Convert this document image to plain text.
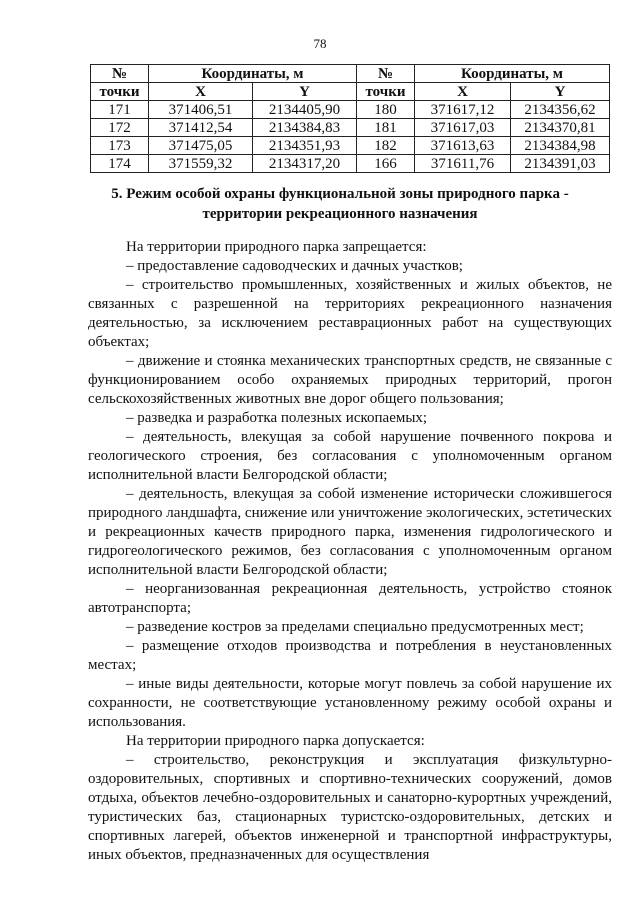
78
№	Координаты, м		№	Координаты, м	
точки	X	Y	точки	X	Y
171	371406,51	2134405,90	180	371617,12	2134356,62
172	371412,54	2134384,83	181	371617,03	2134370,81
173	371475,05	2134351,93	182	371613,63	2134384,98
174	371559,32	2134317,20	166	371611,76	2134391,03
5. Режим особой охраны функциональной зоны природного парка -
территории рекреационного назначения

На территории природного парка запрещается:

– предоставление садоводческих и дачных участков;

– строительство промышленных, хозяйственных и жилых объектов, не связанных с разрешенной на территориях рекреационного назначения деятельностью, за исключением реставрационных работ на существующих объектах;

– движение и стоянка механических транспортных средств, не связанные с функционированием особо охраняемых природных территорий, прогон сельскохозяйственных животных вне дорог общего пользования;

– разведка и разработка полезных ископаемых;

– деятельность, влекущая за собой нарушение почвенного покрова и геологического строения, без согласования с уполномоченным органом исполнительной власти Белгородской области;

– деятельность, влекущая за собой изменение исторически сложившегося природного ландшафта, снижение или уничтожение экологических, эстетических и рекреационных качеств природного парка, изменения гидрологического и гидрогеологического режимов, без согласования с уполномоченным органом исполнительной власти Белгородской области;

– неорганизованная рекреационная деятельность, устройство стоянок автотранспорта;

– разведение костров за пределами специально предусмотренных мест;

– размещение отходов производства и потребления в неустановленных местах;

– иные виды деятельности, которые могут повлечь за собой нарушение их сохранности, не соответствующие установленному режиму особой охраны и использования.

На территории природного парка допускается:

– строительство, реконструкция и эксплуатация физкультурно-оздоровительных, спортивных и спортивно-технических сооружений, домов отдыха, объектов лечебно-оздоровительных и санаторно-курортных учреждений, туристических баз, стационарных туристско-оздоровительных, детских и спортивных лагерей, объектов инженерной и транспортной инфраструктуры, иных объектов, предназначенных для осуществления
